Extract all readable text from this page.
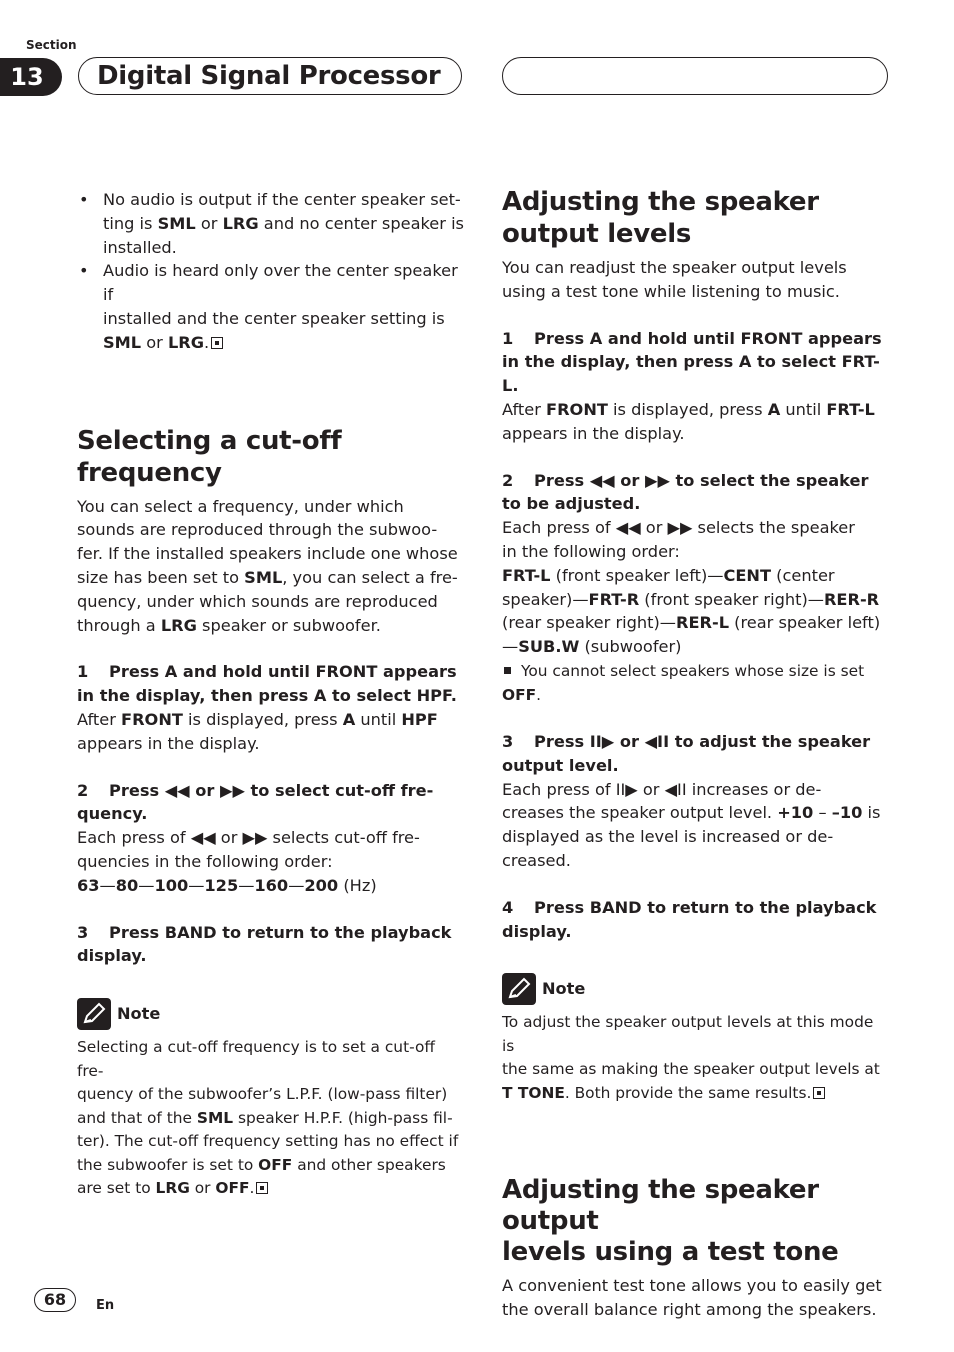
Section
13	Digital Signal Processor
• No audio is output if the center speaker set-
ting is SML or LRG and no center speaker is
installed.

• Audio is heard only over the center speaker if
installed and the center speaker setting is
SML or LRG.

Selecting a cut-off frequency

You can select a frequency, under which
sounds are reproduced through the subwoo-
fer. If the installed speakers include one whose
size has been set to SML, you can select a fre-
quency, under which sounds are reproduced
through a LRG speaker or subwoofer.

1 Press A and hold until FRONT appears
in the display, then press A to select HPF.

After FRONT is displayed, press A until HPF
appears in the display.

2 Press ◀◀ or ▶▶ to select cut-off fre-
quency.

Each press of ◀◀ or ▶▶ selects cut-off fre-
quencies in the following order:
63—80—100—125—160—200 (Hz)

3 Press BAND to return to the playback
display.

Note

Selecting a cut-off frequency is to set a cut-off fre-
quency of the subwoofer’s L.P.F. (low-pass filter)
and that of the SML speaker H.P.F. (high-pass fil-
ter). The cut-off frequency setting has no effect if
the subwoofer is set to OFF and other speakers
are set to LRG or OFF.

Adjusting the speaker
output levels

You can readjust the speaker output levels
using a test tone while listening to music.

1 Press A and hold until FRONT appears
in the display, then press A to select FRT-L.

After FRONT is displayed, press A until FRT-L
appears in the display.

2 Press ◀◀ or ▶▶ to select the speaker
to be adjusted.

Each press of ◀◀ or ▶▶ selects the speaker
in the following order:
FRT-L (front speaker left)—CENT (center
speaker)—FRT-R (front speaker right)—RER-R
(rear speaker right)—RER-L (rear speaker left)
—SUB.W (subwoofer)

You cannot select speakers whose size is set
OFF.

3 Press II▶ or ◀II to adjust the speaker
output level.

Each press of II▶ or ◀II increases or de-
creases the speaker output level. +10 – –10 is
displayed as the level is increased or de-
creased.

4 Press BAND to return to the playback
display.

Note

To adjust the speaker output levels at this mode is
the same as making the speaker output levels at
T TONE. Both provide the same results.

Adjusting the speaker output
levels using a test tone

A convenient test tone allows you to easily get
the overall balance right among the speakers.

68	En
